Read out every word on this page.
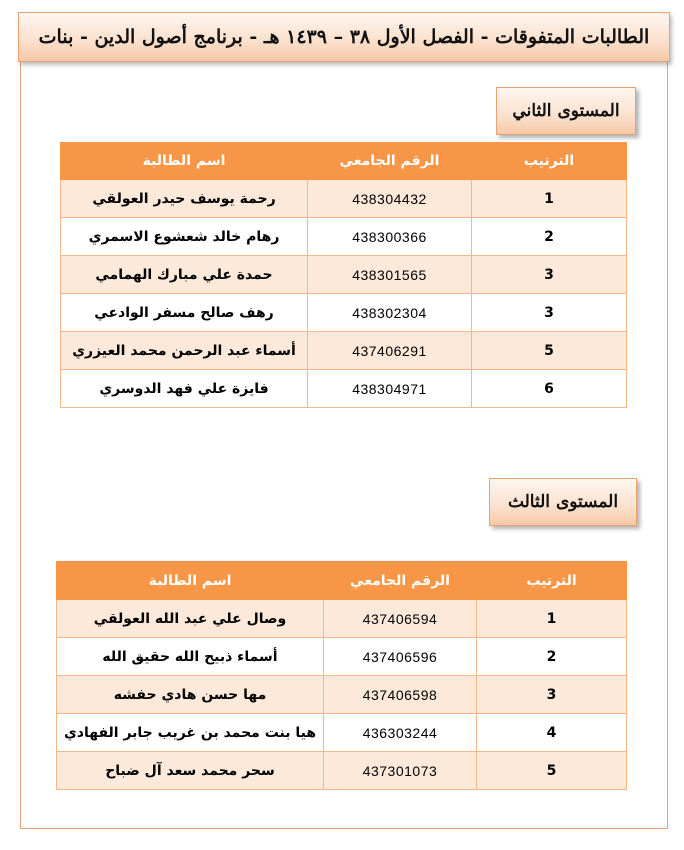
الطالبات المتفوقات - الفصل الأول ٣٨ – ١٤٣٩ هـ - برنامج أصول الدين - بنات
المستوى الثاني
الترتيب	الرقم الجامعي	اسم الطالبة
1	438304432	رحمة يوسف حيدر العولقي
2	438300366	رهام خالد شعشوع الاسمري
3	438301565	حمدة علي مبارك الهمامي
3	438302304	رهف صالح مسفر الوادعي
5	437406291	أسماء عبد الرحمن محمد العيزري
6	438304971	فايزة علي فهد الدوسري
المستوى الثالث
الترتيب	الرقم الجامعي	اسم الطالبة
1	437406594	وصال علي عبد الله العولقي
2	437406596	أسماء ذبيح الله حقيق الله
3	437406598	مها حسن هادي حفشه
4	436303244	هيا بنت محمد بن غريب جابر الفهادي
5	437301073	سحر محمد سعد آل ضباح
